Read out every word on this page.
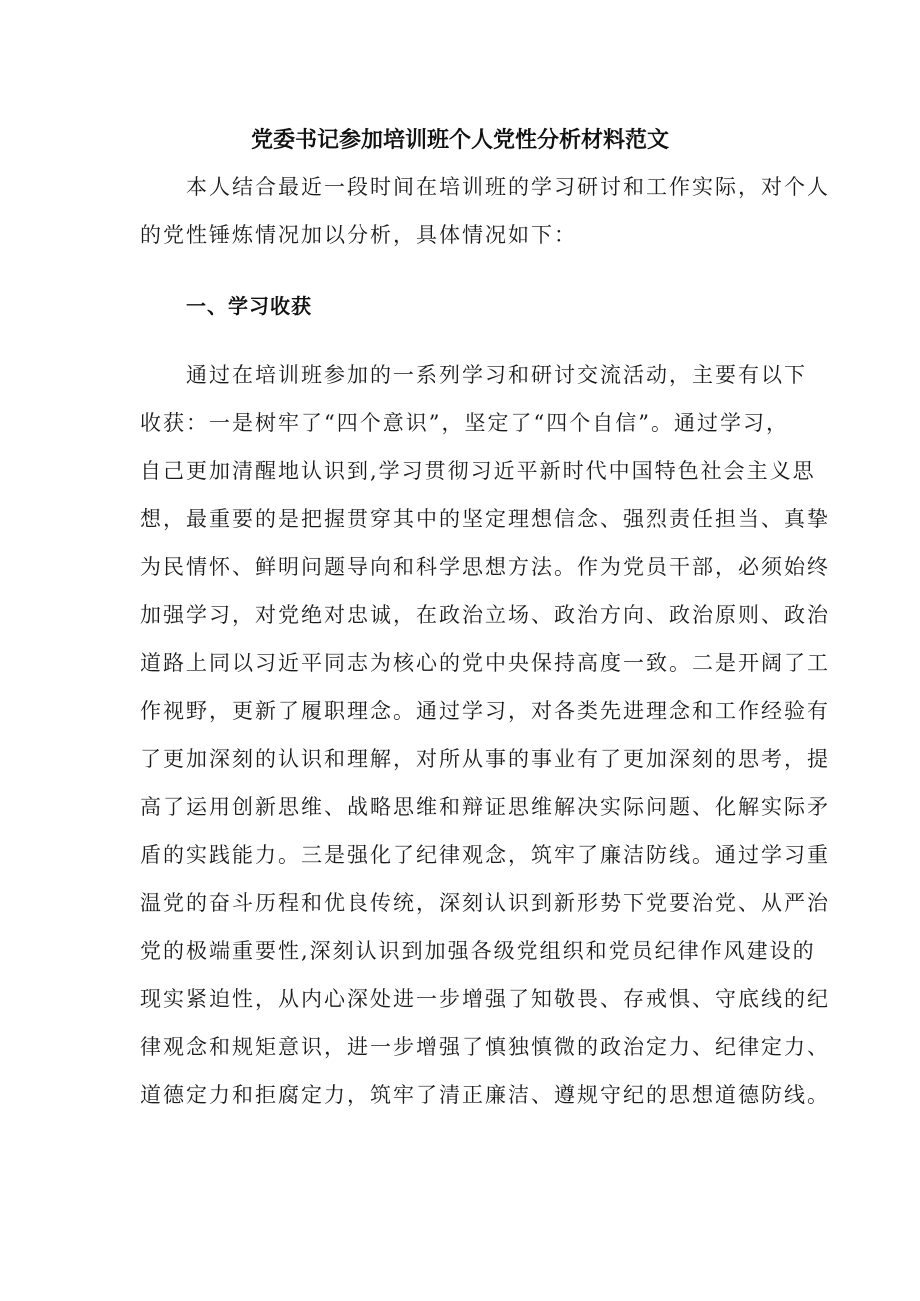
党委书记参加培训班个人党性分析材料范文
本人结合最近一段时间在培训班的学习研讨和工作实际，对个人
的党性锤炼情况加以分析，具体情况如下：
一、学习收获
通过在培训班参加的一系列学习和研讨交流活动，主要有以下
收获：一是树牢了“四个意识”，坚定了“四个自信”。通过学习，
自己更加清醒地认识到,学习贯彻习近平新时代中国特色社会主义思
想，最重要的是把握贯穿其中的坚定理想信念、强烈责任担当、真挚
为民情怀、鲜明问题导向和科学思想方法。作为党员干部，必须始终
加强学习，对党绝对忠诚，在政治立场、政治方向、政治原则、政治
道路上同以习近平同志为核心的党中央保持高度一致。二是开阔了工
作视野，更新了履职理念。通过学习，对各类先进理念和工作经验有
了更加深刻的认识和理解，对所从事的事业有了更加深刻的思考，提
高了运用创新思维、战略思维和辩证思维解决实际问题、化解实际矛
盾的实践能力。三是强化了纪律观念，筑牢了廉洁防线。通过学习重
温党的奋斗历程和优良传统，深刻认识到新形势下党要治党、从严治
党的极端重要性,深刻认识到加强各级党组织和党员纪律作风建设的
现实紧迫性，从内心深处进一步增强了知敬畏、存戒惧、守底线的纪
律观念和规矩意识，进一步增强了慎独慎微的政治定力、纪律定力、
道德定力和拒腐定力，筑牢了清正廉洁、遵规守纪的思想道德防线。
